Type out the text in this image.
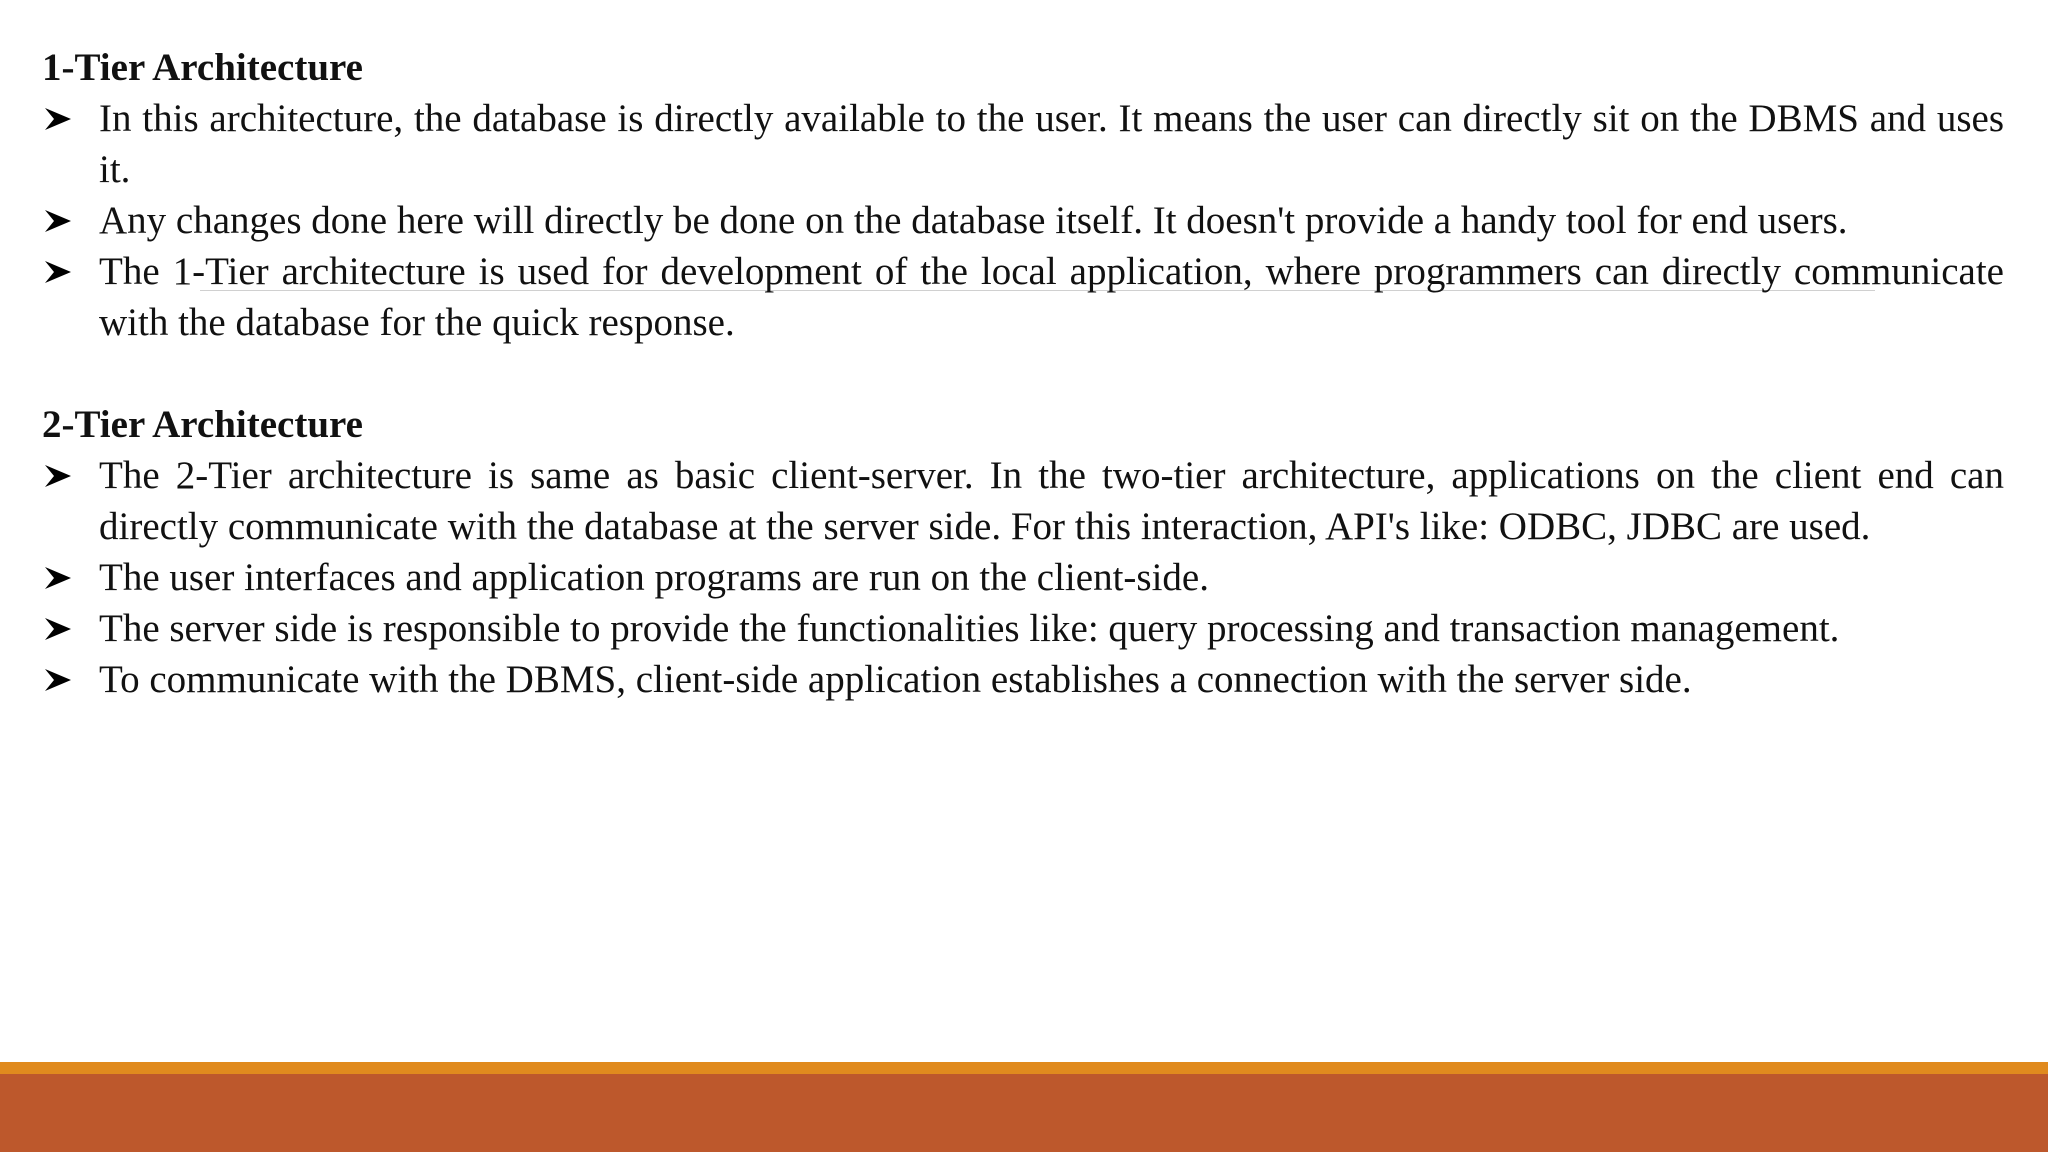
1-Tier Architecture
In this architecture, the database is directly available to the user. It means the user can directly sit on the DBMS and uses it.
Any changes done here will directly be done on the database itself. It doesn't provide a handy tool for end users.
The 1-Tier architecture is used for development of the local application, where programmers can directly communicate with the database for the quick response.
2-Tier Architecture
The 2-Tier architecture is same as basic client-server. In the two-tier architecture, applications on the client end can directly communicate with the database at the server side. For this interaction, API's like: ODBC, JDBC are used.
The user interfaces and application programs are run on the client-side.
The server side is responsible to provide the functionalities like: query processing and transaction management.
To communicate with the DBMS, client-side application establishes a connection with the server side.
